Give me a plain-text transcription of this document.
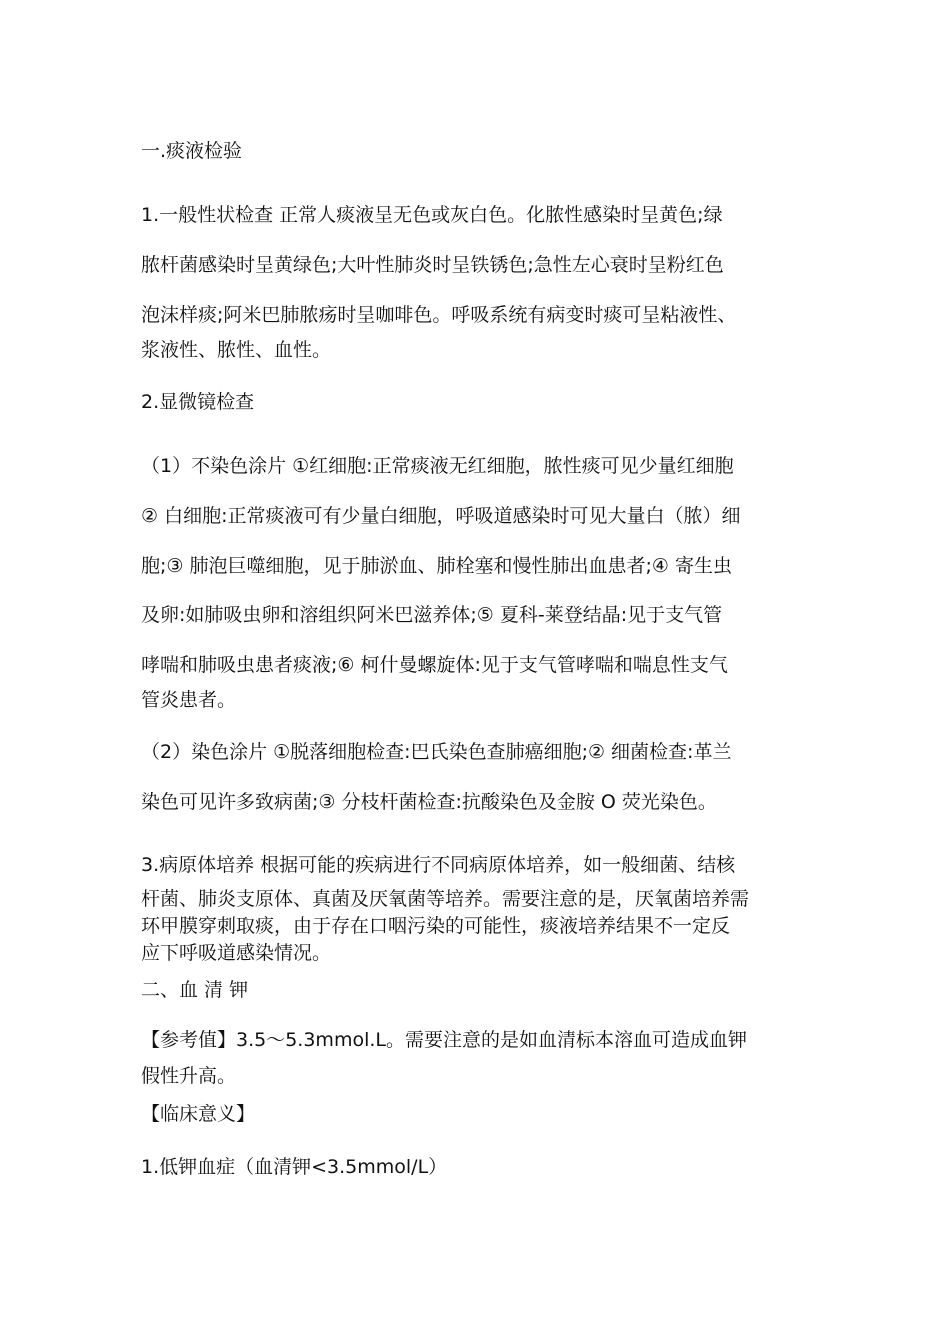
一.痰液检验
1.一般性状检查 正常人痰液呈无色或灰白色。化脓性感染时呈黄色;绿
脓杆菌感染时呈黄绿色;大叶性肺炎时呈铁锈色;急性左心衰时呈粉红色
泡沫样痰;阿米巴肺脓疡时呈咖啡色。呼吸系统有病变时痰可呈粘液性、
浆液性、脓性、血性。
2.显微镜检查
（1）不染色涂片 ①红细胞:正常痰液无红细胞，脓性痰可见少量红细胞
② 白细胞:正常痰液可有少量白细胞，呼吸道感染时可见大量白（脓）细
胞;③ 肺泡巨噬细胞，见于肺淤血、肺栓塞和慢性肺出血患者;④ 寄生虫
及卵:如肺吸虫卵和溶组织阿米巴滋养体;⑤ 夏科-莱登结晶:见于支气管
哮喘和肺吸虫患者痰液;⑥ 柯什曼螺旋体:见于支气管哮喘和喘息性支气
管炎患者。
（2）染色涂片 ①脱落细胞检查:巴氏染色查肺癌细胞;② 细菌检查:革兰
染色可见许多致病菌;③ 分枝杆菌检查:抗酸染色及金胺 O 荧光染色。
3.病原体培养 根据可能的疾病进行不同病原体培养，如一般细菌、结核
杆菌、肺炎支原体、真菌及厌氧菌等培养。需要注意的是，厌氧菌培养需
环甲膜穿刺取痰，由于存在口咽污染的可能性，痰液培养结果不一定反
应下呼吸道感染情况。
二、血 清 钾
【参考值】3.5～5.3mmol.L。需要注意的是如血清标本溶血可造成血钾
假性升高。
【临床意义】
1.低钾血症（血清钾<3.5mmol/L）
